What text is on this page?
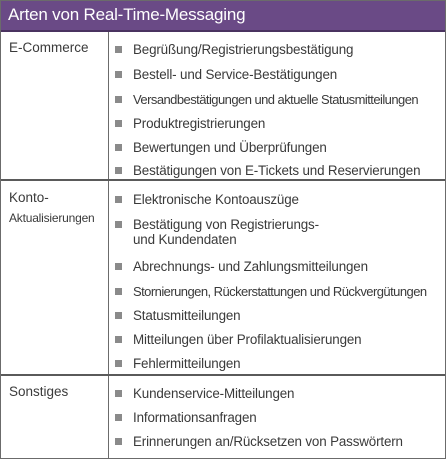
Arten von Real-Time-Messaging
E-Commerce	Begrüßung/Registrierungsbestätigung
Bestell- und Service-Bestätigungen
Versandbestätigungen und aktuelle Statusmitteilungen
Produktregistrierungen
Bewertungen und Überprüfungen
Bestätigungen von E-Tickets und Reservierungen
Konto-
Aktualisierungen
Elektronische Kontoauszüge
Bestätigung von Registrierungs-
und Kundendaten
Abrechnungs- und Zahlungsmitteilungen
Stornierungen, Rückerstattungen und Rückvergütungen
Statusmitteilungen
Mitteilungen über Profilaktualisierungen
Fehlermitteilungen
Sonstiges	Kundenservice-Mitteilungen
Informationsanfragen
Erinnerungen an/Rücksetzen von Passwörtern
